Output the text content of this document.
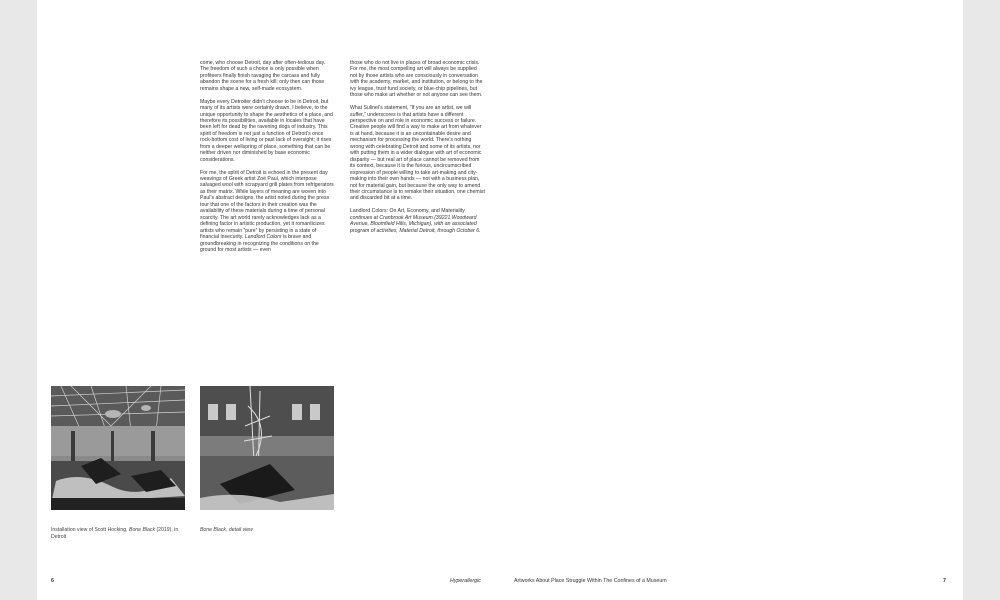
come, who choose Detroit, day after often-tedious day. The freedom of such a choice is only possible when profiteers finally finish ravaging the carcass and fully abandon the scene for a fresh kill; only then can those remains shape a new, self-made ecosystem.

Maybe every Detroiter didn’t choose to be in Detroit, but many of its artists were certainly drawn, I believe, to the unique opportunity to shape the aesthetics of a place, and therefore its possibilities, available in locales that have been left for dead by the ravening dogs of industry. This spirit of freedom is not just a function of Detroit’s once rock-bottom cost of living or past lack of oversight; it rises from a deeper wellspring of place, something that can be neither driven nor diminished by base economic considerations.

For me, the spirit of Detroit is echoed in the present day weavings of Greek artist Zoë Paul, which interpose salvaged wool with scrapyard grill plates from refrigerators as their matrix. While layers of meaning are woven into Paul’s abstract designs, the artist noted during the press tour that one of the factors in their creation was the availability of these materials during a time of personal scarcity. The art world rarely acknowledges lack as a defining factor in artistic production, yet it romanticizes artists who remain “pure” by persisting in a state of financial insecurity. Landlord Colors is brave and groundbreaking in recognizing the conditions on the ground for most artists — even

those who do not live in places of broad economic crisis. For me, the most compelling art will always be supplied not by those artists who are consciously in conversation with the academy, market, and institution, or belong to the ivy league, trust fund society, or blue-chip pipelines, but those who make art whether or not anyone can see them.

What Sulinel’s statement, “If you are an artist, we will suffer,” underscores is that artists have a different perspective on and role in economic success or failure. Creative people will find a way to make art from whatever is at hand, because it is an uncontainable desire and mechanism for processing the world. There’s nothing wrong with celebrating Detroit and some of its artists, nor with putting them in a wider dialogue with art of economic disparity — but real art of place cannot be removed from its context, because it is the furious, uncircumscribed expression of people willing to take art-making and city-making into their own hands — not with a business plan, not for material gain, but because the only way to amend their circumstance is to remake their situation, one chemist and discarded bit at a time.

Landlord Colors: On Art, Economy, and Materiality continues at Cranbrook Art Museum (39221 Woodward Avenue, Bloomfield Hills, Michigan), with an associated program of activities, Material Detroit, through October 6.

Installation view of Scott Hocking, Bone Black (2019), in Detroit
Bone Black, detail view
6	Hyperallergic	Artworks About Place Struggle Within The Confines of a Museum	7
